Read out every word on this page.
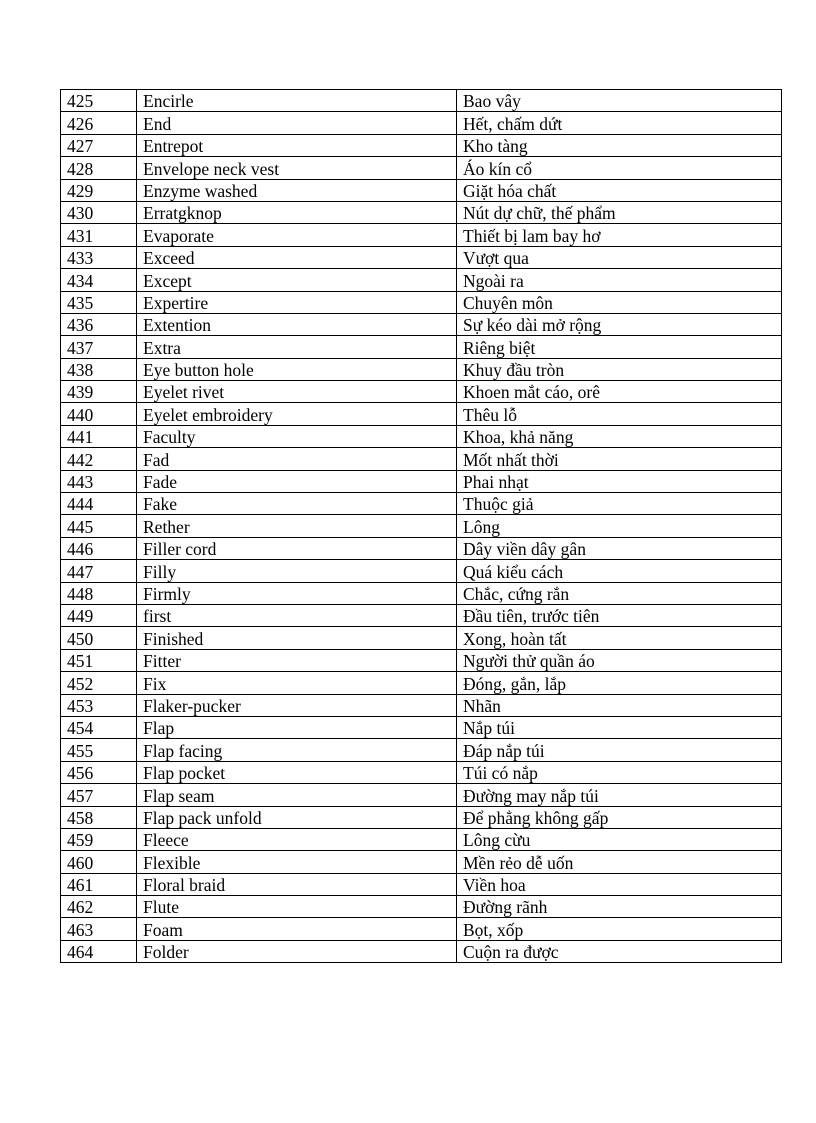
425	Encirle	Bao vây
426	End	Hết, chấm dứt
427	Entrepot	Kho tàng
428	Envelope neck vest	Áo kín cổ
429	Enzyme washed	Giặt hóa chất
430	Erratgknop	Nút dự chữ, thế phẩm
431	Evaporate	Thiết bị lam bay hơ
433	Exceed	Vượt qua
434	Except	Ngoài ra
435	Expertire	Chuyên môn
436	Extention	Sự kéo dài mở rộng
437	Extra	Riêng biệt
438	Eye button hole	Khuy đầu tròn
439	Eyelet rivet	Khoen mắt cáo, orê
440	Eyelet embroidery	Thêu lỗ
441	Faculty	Khoa, khả năng
442	Fad	Mốt nhất thời
443	Fade	Phai nhạt
444	Fake	Thuộc giả
445	Rether	Lông
446	Filler cord	Dây viền dây gân
447	Filly	Quá kiểu cách
448	Firmly	Chắc, cứng rắn
449	first	Đầu tiên, trước tiên
450	Finished	Xong, hoàn tất
451	Fitter	Người thử quần áo
452	Fix	Đóng, gắn, lắp
453	Flaker-pucker	Nhãn
454	Flap	Nắp túi
455	Flap facing	Đáp nắp túi
456	Flap pocket	Túi có nắp
457	Flap seam	Đường may nắp túi
458	Flap pack unfold	Để phẳng không gấp
459	Fleece	Lông cừu
460	Flexible	Mền rẻo dễ uốn
461	Floral braid	Viền hoa
462	Flute	Đường rãnh
463	Foam	Bọt, xốp
464	Folder	Cuộn ra được
